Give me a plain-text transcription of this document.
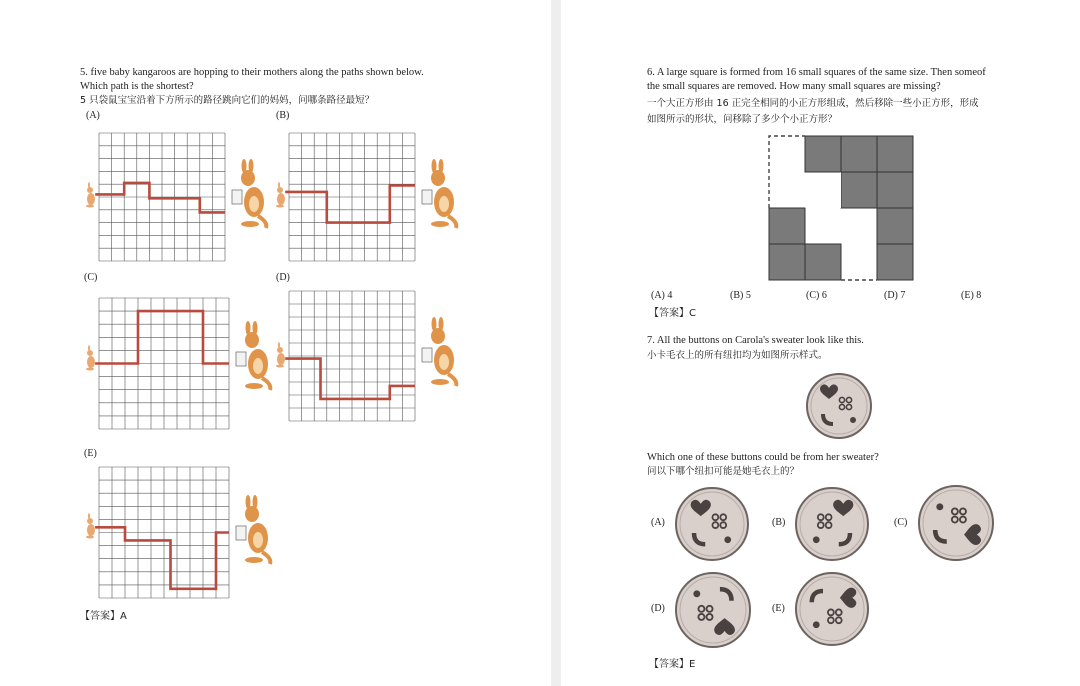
5. five baby kangaroos are hopping to their mothers along the paths shown below.
Which path is the shortest?
5 只袋鼠宝宝沿着下方所示的路径跳向它们的妈妈，问哪条路径最短？
(A)	(B)
(C)	(D)
(E)
【答案】A
6. A large square is formed from 16 small squares of the same size. Then someof
the small squares are removed. How many small squares are missing?
一个大正方形由 16 正完全相同的小正方形组成，然后移除一些小正方形，形成
如图所示的形状，问移除了多少个小正方形？
(A) 4	(B) 5	(C) 6	(D) 7	(E) 8
【答案】C
7. All the buttons on Carola's sweater look like this.
小卡毛衣上的所有纽扣均为如图所示样式。
Which one of these buttons could be from her sweater?
问以下哪个纽扣可能是她毛衣上的？
(A)	(B)	(C)
(D)	(E)
【答案】E
